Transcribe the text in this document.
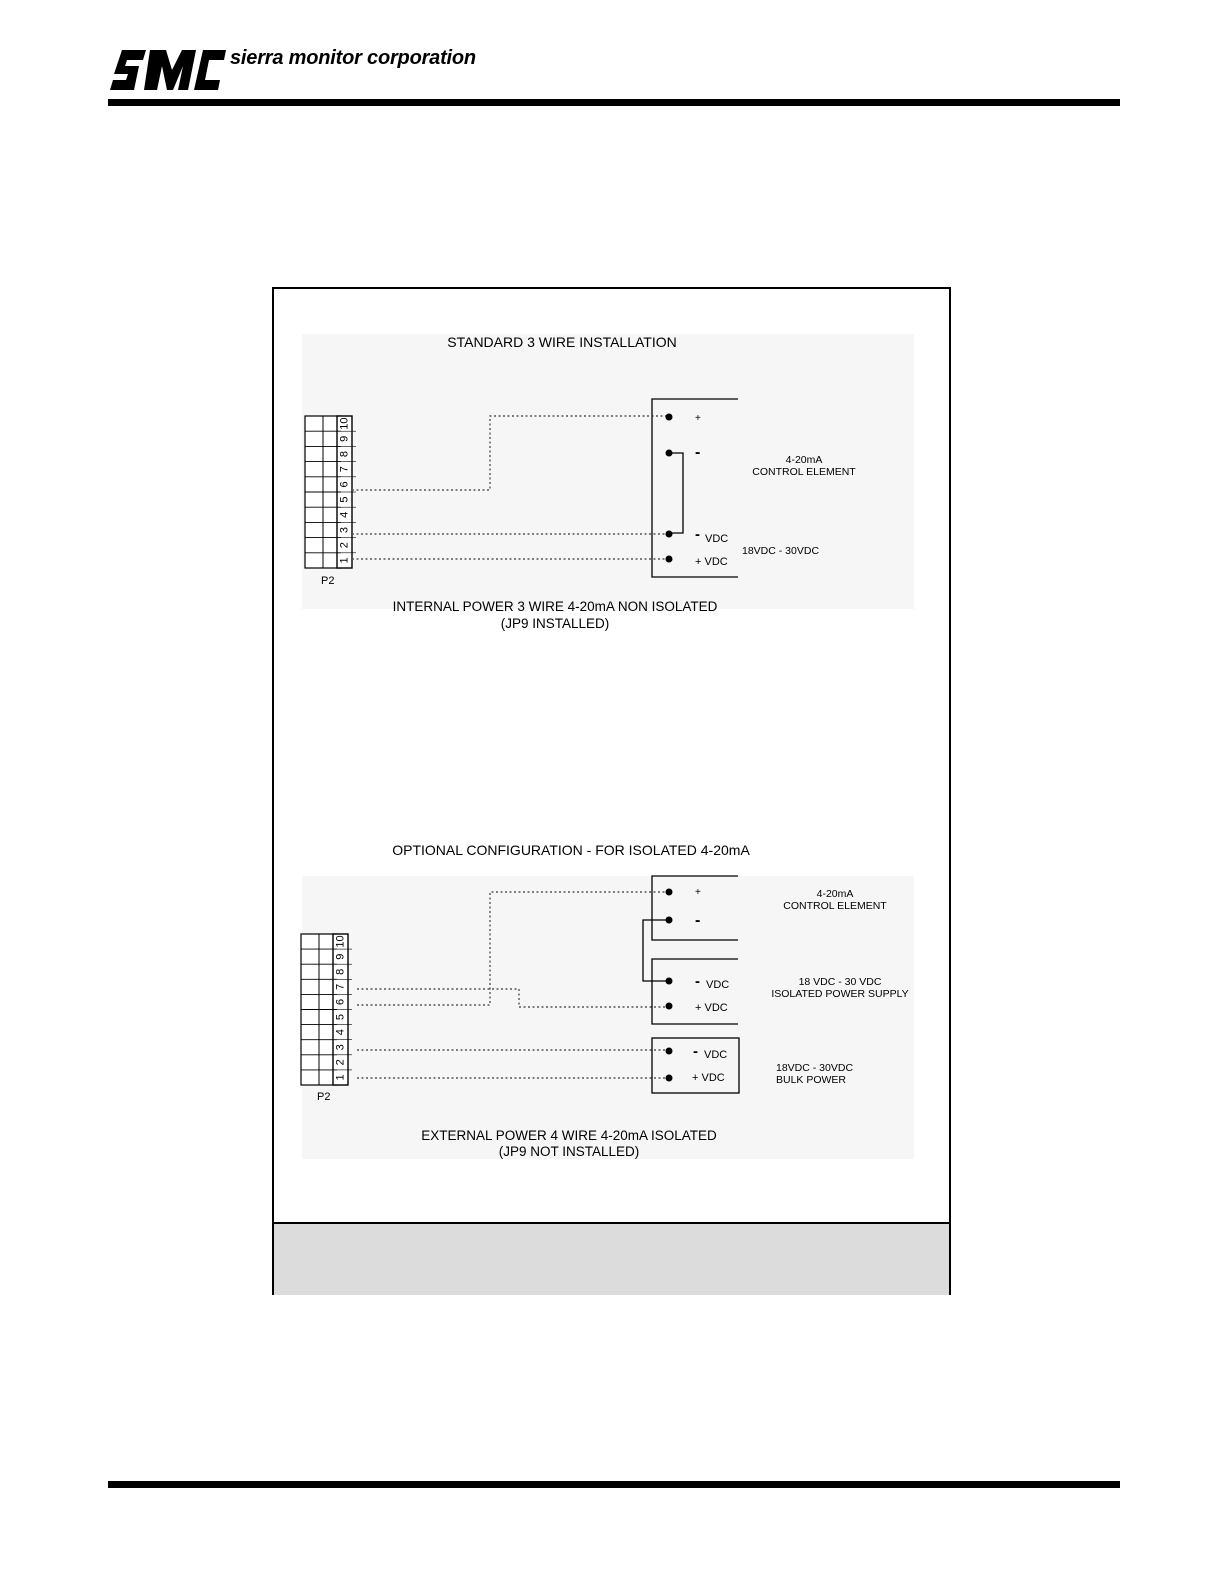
sierra monitor corporation
STANDARD 3 WIRE INSTALLATION
1
2
3
4
5
6
7
8
9
10
P2
+
-
- VDC
+ VDC
4-20mA
CONTROL ELEMENT
18VDC - 30VDC
INTERNAL POWER 3 WIRE 4-20mA NON ISOLATED
(JP9 INSTALLED)
OPTIONAL CONFIGURATION - FOR ISOLATED 4-20mA
1
2
3
4
5
6
7
8
9
10
P2
+
-
- VDC
+ VDC
- VDC
+ VDC
4-20mA
CONTROL ELEMENT
18 VDC - 30 VDC
ISOLATED POWER SUPPLY
18VDC - 30VDC
BULK POWER
EXTERNAL POWER 4 WIRE 4-20mA ISOLATED
(JP9 NOT INSTALLED)
